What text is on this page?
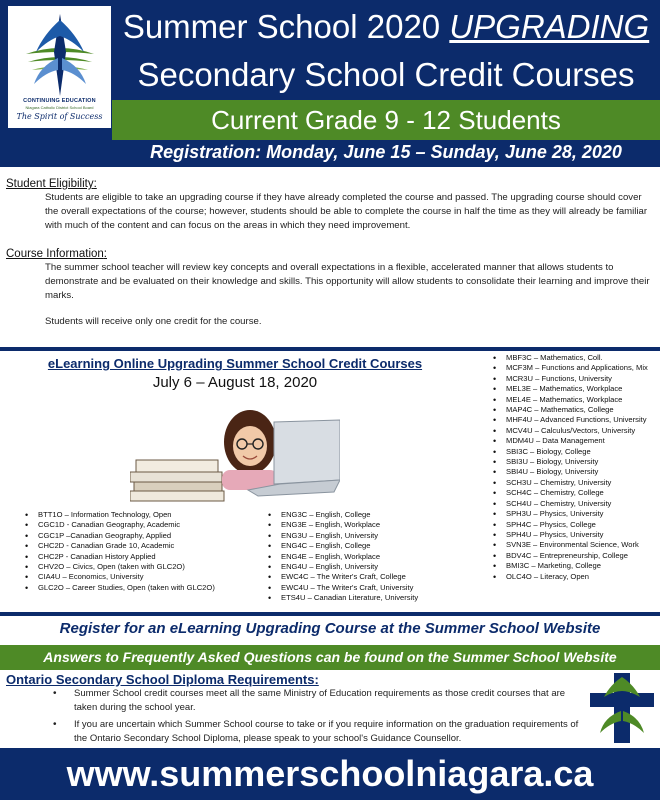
CONTINUING EDUCATION
Niagara Catholic District School Board
The Spirit of Success
Summer School 2020 UPGRADING
Secondary School Credit Courses
Current Grade 9 - 12 Students
Registration: Monday, June 15 – Sunday, June 28, 2020
Student Eligibility:

Students are eligible to take an upgrading course if they have already completed the course and passed. The upgrading course should cover the overall expectations of the course; however, students should be able to complete the course in half the time as they will already be familiar with much of the content and can focus on the areas in which they need improvement.

Course Information:

The summer school teacher will review key concepts and overall expectations in a flexible, accelerated manner that allows students to demonstrate and be evaluated on their knowledge and skills. This opportunity will allow students to consolidate their learning and improve their marks.

Students will receive only one credit for the course.

eLearning Online Upgrading Summer School Credit Courses
July 6 – August 18, 2020
• BTT1O – Information Technology, Open
• CGC1D - Canadian Geography, Academic
• CGC1P –Canadian Geography, Applied
• CHC2D - Canadian Grade 10, Academic
• CHC2P - Canadian History Applied
• CHV2O – Civics, Open (taken with GLC2O)
• CIA4U – Economics, University
• GLC2O – Career Studies, Open (taken with GLC2O)
• ENG3C – English, College
• ENG3E – English, Workplace
• ENG3U – English, University
• ENG4C – English, College
• ENG4E – English, Workplace
• ENG4U – English, University
• EWC4C – The Writer's Craft, College
• EWC4U – The Writer's Craft, University
• ETS4U – Canadian Literature, University
• MBF3C – Mathematics, Coll.
• MCF3M – Functions and Applications, Mix
• MCR3U – Functions, University
• MEL3E – Mathematics, Workplace
• MEL4E – Mathematics, Workplace
• MAP4C – Mathematics, College
• MHF4U – Advanced Functions, University
• MCV4U – Calculus/Vectors, University
• MDM4U – Data Management
• SBI3C – Biology, College
• SBI3U – Biology, University
• SBI4U – Biology, University
• SCH3U – Chemistry, University
• SCH4C – Chemistry, College
• SCH4U – Chemistry, University
• SPH3U – Physics, University
• SPH4C – Physics, College
• SPH4U – Physics, University
• SVN3E – Environmental Science, Work
• BDV4C – Entrepreneurship, College
• BMI3C – Marketing, College
• OLC4O – Literacy, Open
Register for an eLearning Upgrading Course at the Summer School Website
Answers to Frequently Asked Questions can be found on the Summer School Website
Ontario Secondary School Diploma Requirements:
• Summer School credit courses meet all the same Ministry of Education requirements as those credit courses that are taken during the school year.
• If you are uncertain which Summer School course to take or if you require information on the graduation requirements of the Ontario Secondary School Diploma, please speak to your school's Guidance Counsellor.
www.summerschoolniagara.ca
